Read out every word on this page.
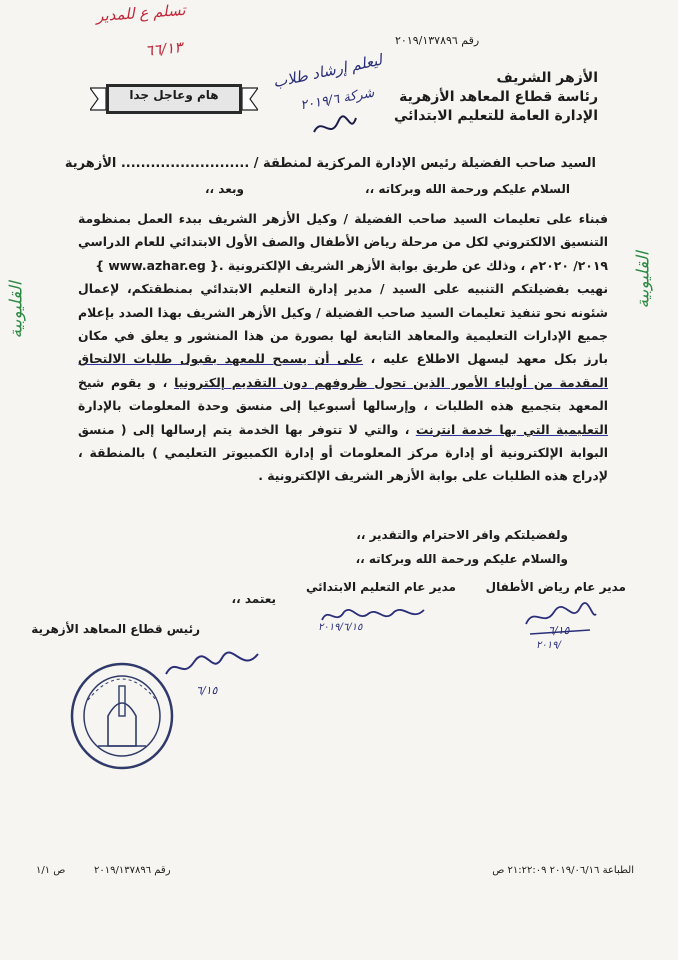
تسلم ع للمدير
٦٦/١٣	رقم ٢٠١٩/١٣٧٨٩٦
الأزهر الشريف
رئاسة قطاع المعاهد الأزهرية
الإدارة العامة للتعليم الابتدائي
ليعلم إرشاد طلاب
شركة ٢٠١٩/٦
هام وعاجل جدا
السيد صاحب الفضيلة رئيس الإدارة المركزية لمنطقة / .......................... الأزهرية
السلام عليكم ورحمة الله وبركاته ،،
وبعد ،،

فبناء على تعليمات السيد صاحب الفضيلة / وكيل الأزهر الشريف ببدء العمل بمنظومة التنسيق الالكتروني لكل من مرحلة رياض الأطفال والصف الأول الابتدائي للعام الدراسي ٢٠١٩/ ٢٠٢٠م ، وذلك عن طريق بوابة الأزهر الشريف الإلكترونية { www.azhar.eg }.

نهيب بفضيلتكم التنبيه على السيد / مدير إدارة التعليم الابتدائي بمنطقتكم، لإعمال شئونه نحو تنفيذ تعليمات السيد صاحب الفضيلة / وكيل الأزهر الشريف بهذا الصدد بإعلام جميع الإدارات التعليمية والمعاهد التابعة لها بصورة من هذا المنشور و يعلق في مكان بارز بكل معهد ليسهل الاطلاع عليه ، على أن يسمح للمعهد بقبول طلبات الالتحاق المقدمة من أولياء الأمور الذين تحول ظروفهم دون التقديم إلكترونيا ، و يقوم شيخ المعهد بتجميع هذه الطلبات ، وإرسالها أسبوعيا إلى منسق وحدة المعلومات بالإدارة التعليمية التي بها خدمة انترنت ، والتي لا تتوفر بها الخدمة يتم إرسالها إلى ( منسق البوابة الإلكترونية أو إدارة مركز المعلومات أو إدارة الكمبيوتر التعليمي ) بالمنطقة ، لإدراج هذه الطلبات على بوابة الأزهر الشريف الإلكترونية .

القليوبية
القليوبية
ولفضيلتكم وافر الاحترام والتقدير ،،
والسلام عليكم ورحمة الله وبركاته ،،
مدير عام رياض الأطفال
مدير عام التعليم الابتدائي
يعتمد ،،
رئيس قطاع المعاهد الأزهرية	٦/١٥
٢٠١٩/
٢٠١٩/٦/١٥
٦/١٥
الطباعة ٢٠١٩/٠٦/١٦ ٢١:٢٢:٠٩ ص
رقم ٢٠١٩/١٣٧٨٩٦
ص ١/١
